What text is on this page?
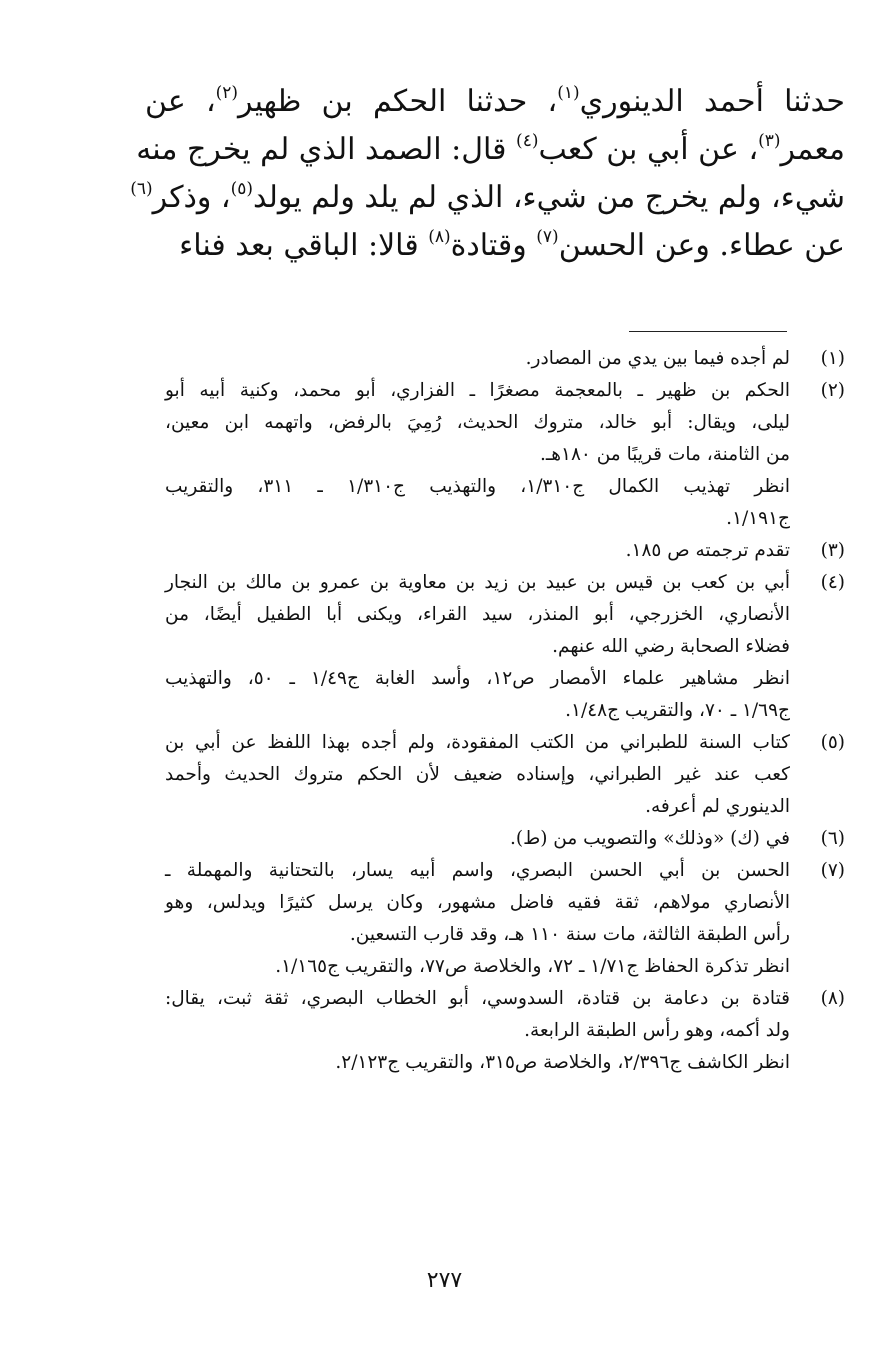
حدثنا أحمد الدينوري$^{(١)}$، حدثنا الحكم بن ظهير$^{(٢)}$، عن
معمر$^{(٣)}$، عن أبي بن كعب$^{(٤)}$ قال: الصمد الذي لم يخرج منه
شيء، ولم يخرج من شيء، الذي لم يلد ولم يولد$^{(٥)}$، وذكر$^{(٦)}$
عن عطاء. وعن الحسن$^{(٧)}$ وقتادة$^{(٨)}$ قالا: الباقي بعد فناء
(١)
لم أجده فيما بين يدي من المصادر.
(٢)
الحكم بن ظهير ـ بالمعجمة مصغرًا ـ الفزاري، أبو محمد، وكنية أبيه أبو
ليلى، ويقال: أبو خالد، متروك الحديث، رُمِيَ بالرفض، واتهمه ابن معين،
من الثامنة، مات قريبًا من ١٨٠هـ.
انظر تهذيب الكمال ج١/٣١٠، والتهذيب ج١/٣١٠ ـ ٣١١، والتقريب
ج١/١٩١.
(٣)
تقدم ترجمته ص ١٨٥.
(٤)
أبي بن كعب بن قيس بن عبيد بن زيد بن معاوية بن عمرو بن مالك بن النجار
الأنصاري، الخزرجي، أبو المنذر، سيد القراء، ويكنى أبا الطفيل أيضًا، من
فضلاء الصحابة رضي الله عنهم.
انظر مشاهير علماء الأمصار ص١٢، وأسد الغابة ج١/٤٩ ـ ٥٠، والتهذيب
ج١/٦٩ ـ ٧٠، والتقريب ج١/٤٨.
(٥)
كتاب السنة للطبراني من الكتب المفقودة، ولم أجده بهذا اللفظ عن أبي بن
كعب عند غير الطبراني، وإسناده ضعيف لأن الحكم متروك الحديث وأحمد
الدينوري لم أعرفه.
(٦)
في (ك) «وذلك» والتصويب من (ط).
(٧)
الحسن بن أبي الحسن البصري، واسم أبيه يسار، بالتحتانية والمهملة ـ
الأنصاري مولاهم، ثقة فقيه فاضل مشهور، وكان يرسل كثيرًا ويدلس، وهو
رأس الطبقة الثالثة، مات سنة ١١٠ هـ، وقد قارب التسعين.
انظر تذكرة الحفاظ ج١/٧١ ـ ٧٢، والخلاصة ص٧٧، والتقريب ج١/١٦٥.
(٨)
قتادة بن دعامة بن قتادة، السدوسي، أبو الخطاب البصري، ثقة ثبت، يقال:
ولد أكمه، وهو رأس الطبقة الرابعة.
انظر الكاشف ج٢/٣٩٦، والخلاصة ص٣١٥، والتقريب ج٢/١٢٣.
٢٧٧
